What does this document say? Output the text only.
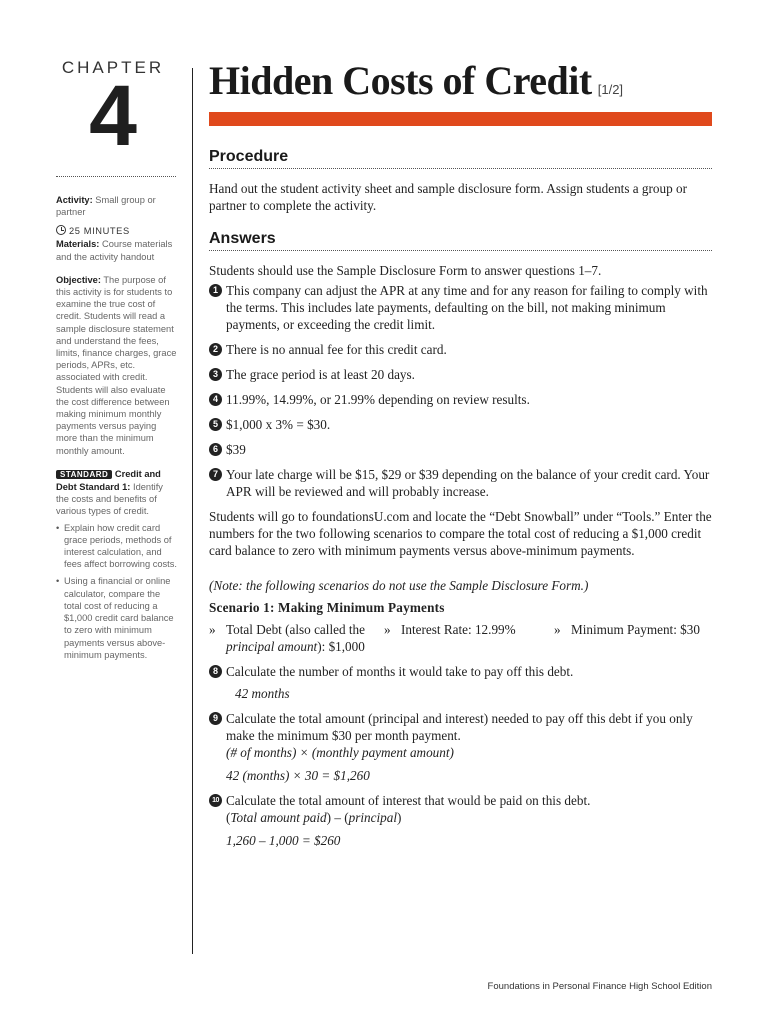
CHAPTER
4
Activity: Small group or partner
25 MINUTES
Materials: Course materials and the activity handout
Objective: The purpose of this activity is for students to examine the true cost of credit. Students will read a sample disclosure statement and understand the fees, limits, finance charges, grace periods, APRs, etc. associated with credit. Students will also evaluate the cost difference between making minimum monthly payments versus paying more than the minimum monthly amount.
STANDARD Credit and Debt Standard 1: Identify the costs and benefits of various types of credit.
• Explain how credit card grace periods, methods of interest calculation, and fees affect borrowing costs.
• Using a financial or online calculator, compare the total cost of reducing a $1,000 credit card balance to zero with minimum payments versus above-minimum payments.
Hidden Costs of Credit [1/2]
Procedure
Hand out the student activity sheet and sample disclosure form. Assign students a group or partner to complete the activity.
Answers
Students should use the Sample Disclosure Form to answer questions 1–7.
1 This company can adjust the APR at any time and for any reason for failing to comply with the terms. This includes late payments, defaulting on the bill, not making minimum payments, or exceeding the credit limit.
2 There is no annual fee for this credit card.
3 The grace period is at least 20 days.
4 11.99%, 14.99%, or 21.99% depending on review results.
5 $1,000 x 3% = $30.
6 $39
7 Your late charge will be $15, $29 or $39 depending on the balance of your credit card. Your APR will be reviewed and will probably increase.
Students will go to foundationsU.com and locate the “Debt Snowball” under “Tools.” Enter the numbers for the two following scenarios to compare the total cost of reducing a $1,000 credit card balance to zero with minimum payments versus above-minimum payments.
(Note: the following scenarios do not use the Sample Disclosure Form.)
Scenario 1: Making Minimum Payments
» Total Debt (also called the principal amount): $1,000
» Interest Rate: 12.99%	» Minimum Payment: $30
8 Calculate the number of months it would take to pay off this debt.
42 months
9 Calculate the total amount (principal and interest) needed to pay off this debt if you only make the minimum $30 per month payment.
(# of months) × (monthly payment amount)
42 (months) × 30 = $1,260
10 Calculate the total amount of interest that would be paid on this debt.
(Total amount paid) – (principal)
1,260 – 1,000 = $260
Foundations in Personal Finance High School Edition
